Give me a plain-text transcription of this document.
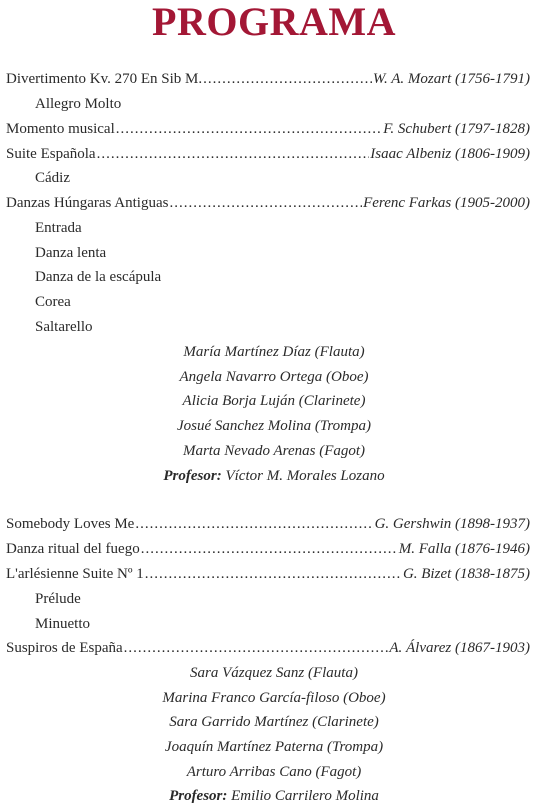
PROGRAMA
Divertimento Kv. 270 En Sib M. .....	W. A. Mozart (1756-1791)
Allegro Molto
Momento musical .....	F. Schubert (1797-1828)
Suite Española .....	Isaac Albeniz (1806-1909)
Cádiz
Danzas Húngaras Antiguas .....	Ferenc Farkas (1905-2000)
Entrada
Danza lenta
Danza de la escápula
Corea
Saltarello
María Martínez Díaz (Flauta)
Angela Navarro Ortega (Oboe)
Alicia Borja Luján (Clarinete)
Josué Sanchez Molina (Trompa)
Marta Nevado Arenas (Fagot)
Profesor: Víctor M. Morales Lozano
Somebody Loves Me .....	G. Gershwin (1898-1937)
Danza ritual del fuego .....	M. Falla (1876-1946)
L'arlésienne Suite Nº 1 .....	G. Bizet (1838-1875)
Prélude
Minuetto
Suspiros de España .....	A. Álvarez (1867-1903)
Sara Vázquez Sanz (Flauta)
Marina Franco García-filoso (Oboe)
Sara Garrido Martínez (Clarinete)
Joaquín Martínez Paterna (Trompa)
Arturo Arribas Cano (Fagot)
Profesor: Emilio Carrilero Molina
